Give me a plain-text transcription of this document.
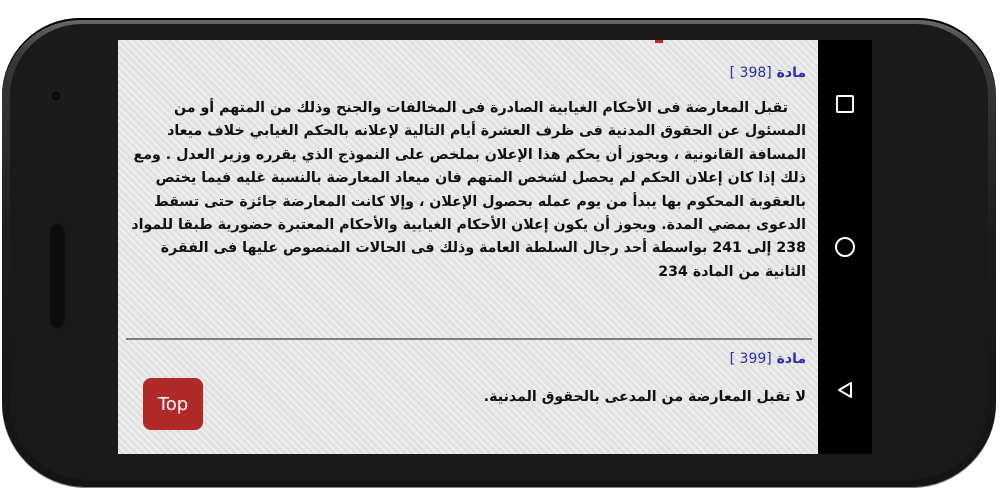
مادة [398 ]
تقبل المعارضة فى الأحكام الغيابية الصادرة فى المخالفات والجنح وذلك من المتهم أو من المسئول عن الحقوق المدنية فى ظرف العشرة أيام التالية لإعلانه بالحكم الغيابي خلاف ميعاد المسافة القانونية ، ويجوز أن يحكم هذا الإعلان بملخص على النموذج الذي يقرره وزير العدل . ومع ذلك إذا كان إعلان الحكم لم يحصل لشخص المتهم فان ميعاد المعارضة بالنسبة غليه فيما يختص بالعقوبة المحكوم بها يبدأ من يوم عمله بحصول الإعلان ، وإلا كانت المعارضة جائزة حتى تسقط الدعوى بمضي المدة. ويجوز أن يكون إعلان الأحكام الغيابية والأحكام المعتبرة حضورية طبقا للمواد 238 إلى 241 بواسطة أحد رجال السلطة العامة وذلك فى الحالات المنصوص عليها فى الفقرة الثانية من المادة 234
مادة [399 ]
لا تقبل المعارضة من المدعى بالحقوق المدنية.
Top
